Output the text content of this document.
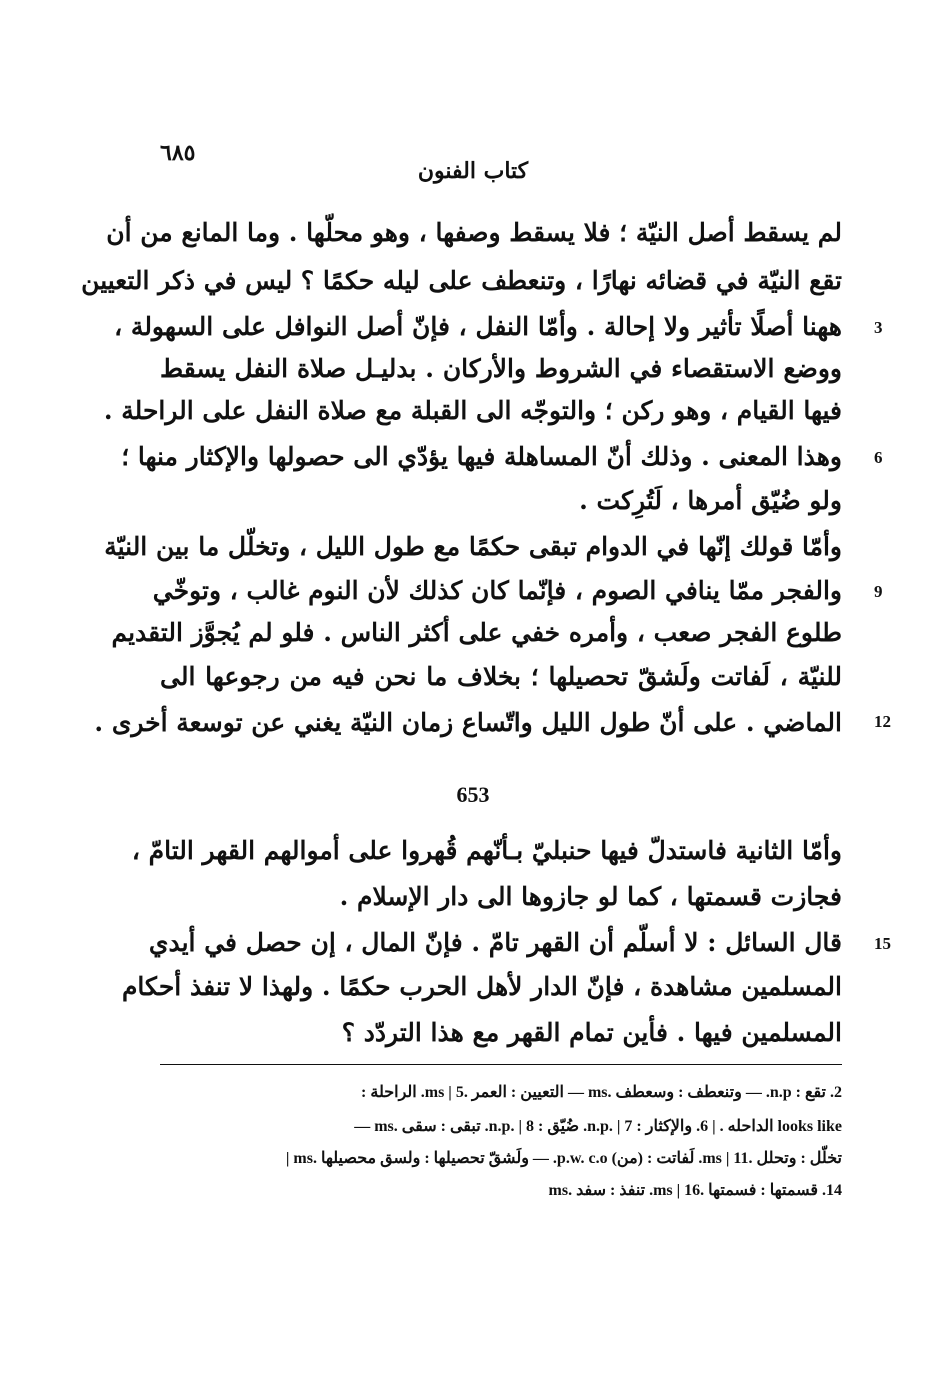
٦٨٥
كتاب الفنون
لم يسقط أصل النيّة ؛ فلا يسقط وصفها ، وهو محلّها . وما المانع من أن
تقع النيّة في قضائه نهارًا ، وتنعطف على ليله حكمًا ؟ ليس في ذكر التعيين
ههنا أصلًا تأثير ولا إحالة . وأمّا النفل ، فإنّ أصل النوافل على السهولة ،
ووضع الاستقصاء في الشروط والأركان . بدليـل صلاة النفل يسقط
فيها القيام ، وهو ركن ؛ والتوجّه الى القبلة مع صلاة النفل على الراحلة .
وهذا المعنى . وذلك أنّ المساهلة فيها يؤدّي الى حصولها والإكثار منها ؛
ولو ضُيّق أمرها ، لَتُرِكت .
وأمّا قولك إنّها في الدوام تبقى حكمًا مع طول الليل ، وتخلّل ما بين النيّة
والفجر ممّا ينافي الصوم ، فإنّما كان كذلك لأن النوم غالب ، وتوخّي
طلوع الفجر صعب ، وأمره خفي على أكثر الناس . فلو لم يُجوَّز التقديم
للنيّة ، لَفاتت ولَشقّ تحصيلها ؛ بخلاف ما نحن فيه من رجوعها الى
الماضي . على أنّ طول الليل واتّساع زمان النيّة يغني عن توسعة أخرى .
3
6
9
12
653
وأمّا الثانية فاستدلّ فيها حنبليّ بـأنّهم قُهروا على أموالهم القهر التامّ ،
فجازت قسمتها ، كما لو جازوها الى دار الإسلام .
قال السائل : لا أسلّم أن القهر تامّ . فإنّ المال ، إن حصل في أيدي
المسلمين مشاهدة ، فإنّ الدار لأهل الحرب حكمًا . ولهذا لا تنفذ أحكام
المسلمين فيها . فأين تمام القهر مع هذا التردّد ؟
15
2. تقع : n.p. — وتنعطف : وسعطف .ms — التعيين : العمر .ms | 5. الراحلة :
looks like الداحله . | 6. والإكثار : n.p. | 7. ضُيّق : n.p. | 8. تبقى : سقى .ms —
تخلّل : وتحلل .ms | 11. لَفاتت : (من) p.w. c.o. — ولَشقّ تحصيلها : ولسق محصيلها .ms |
14. قسمتها : فسمتها .ms | 16. تنفذ : سفد .ms
